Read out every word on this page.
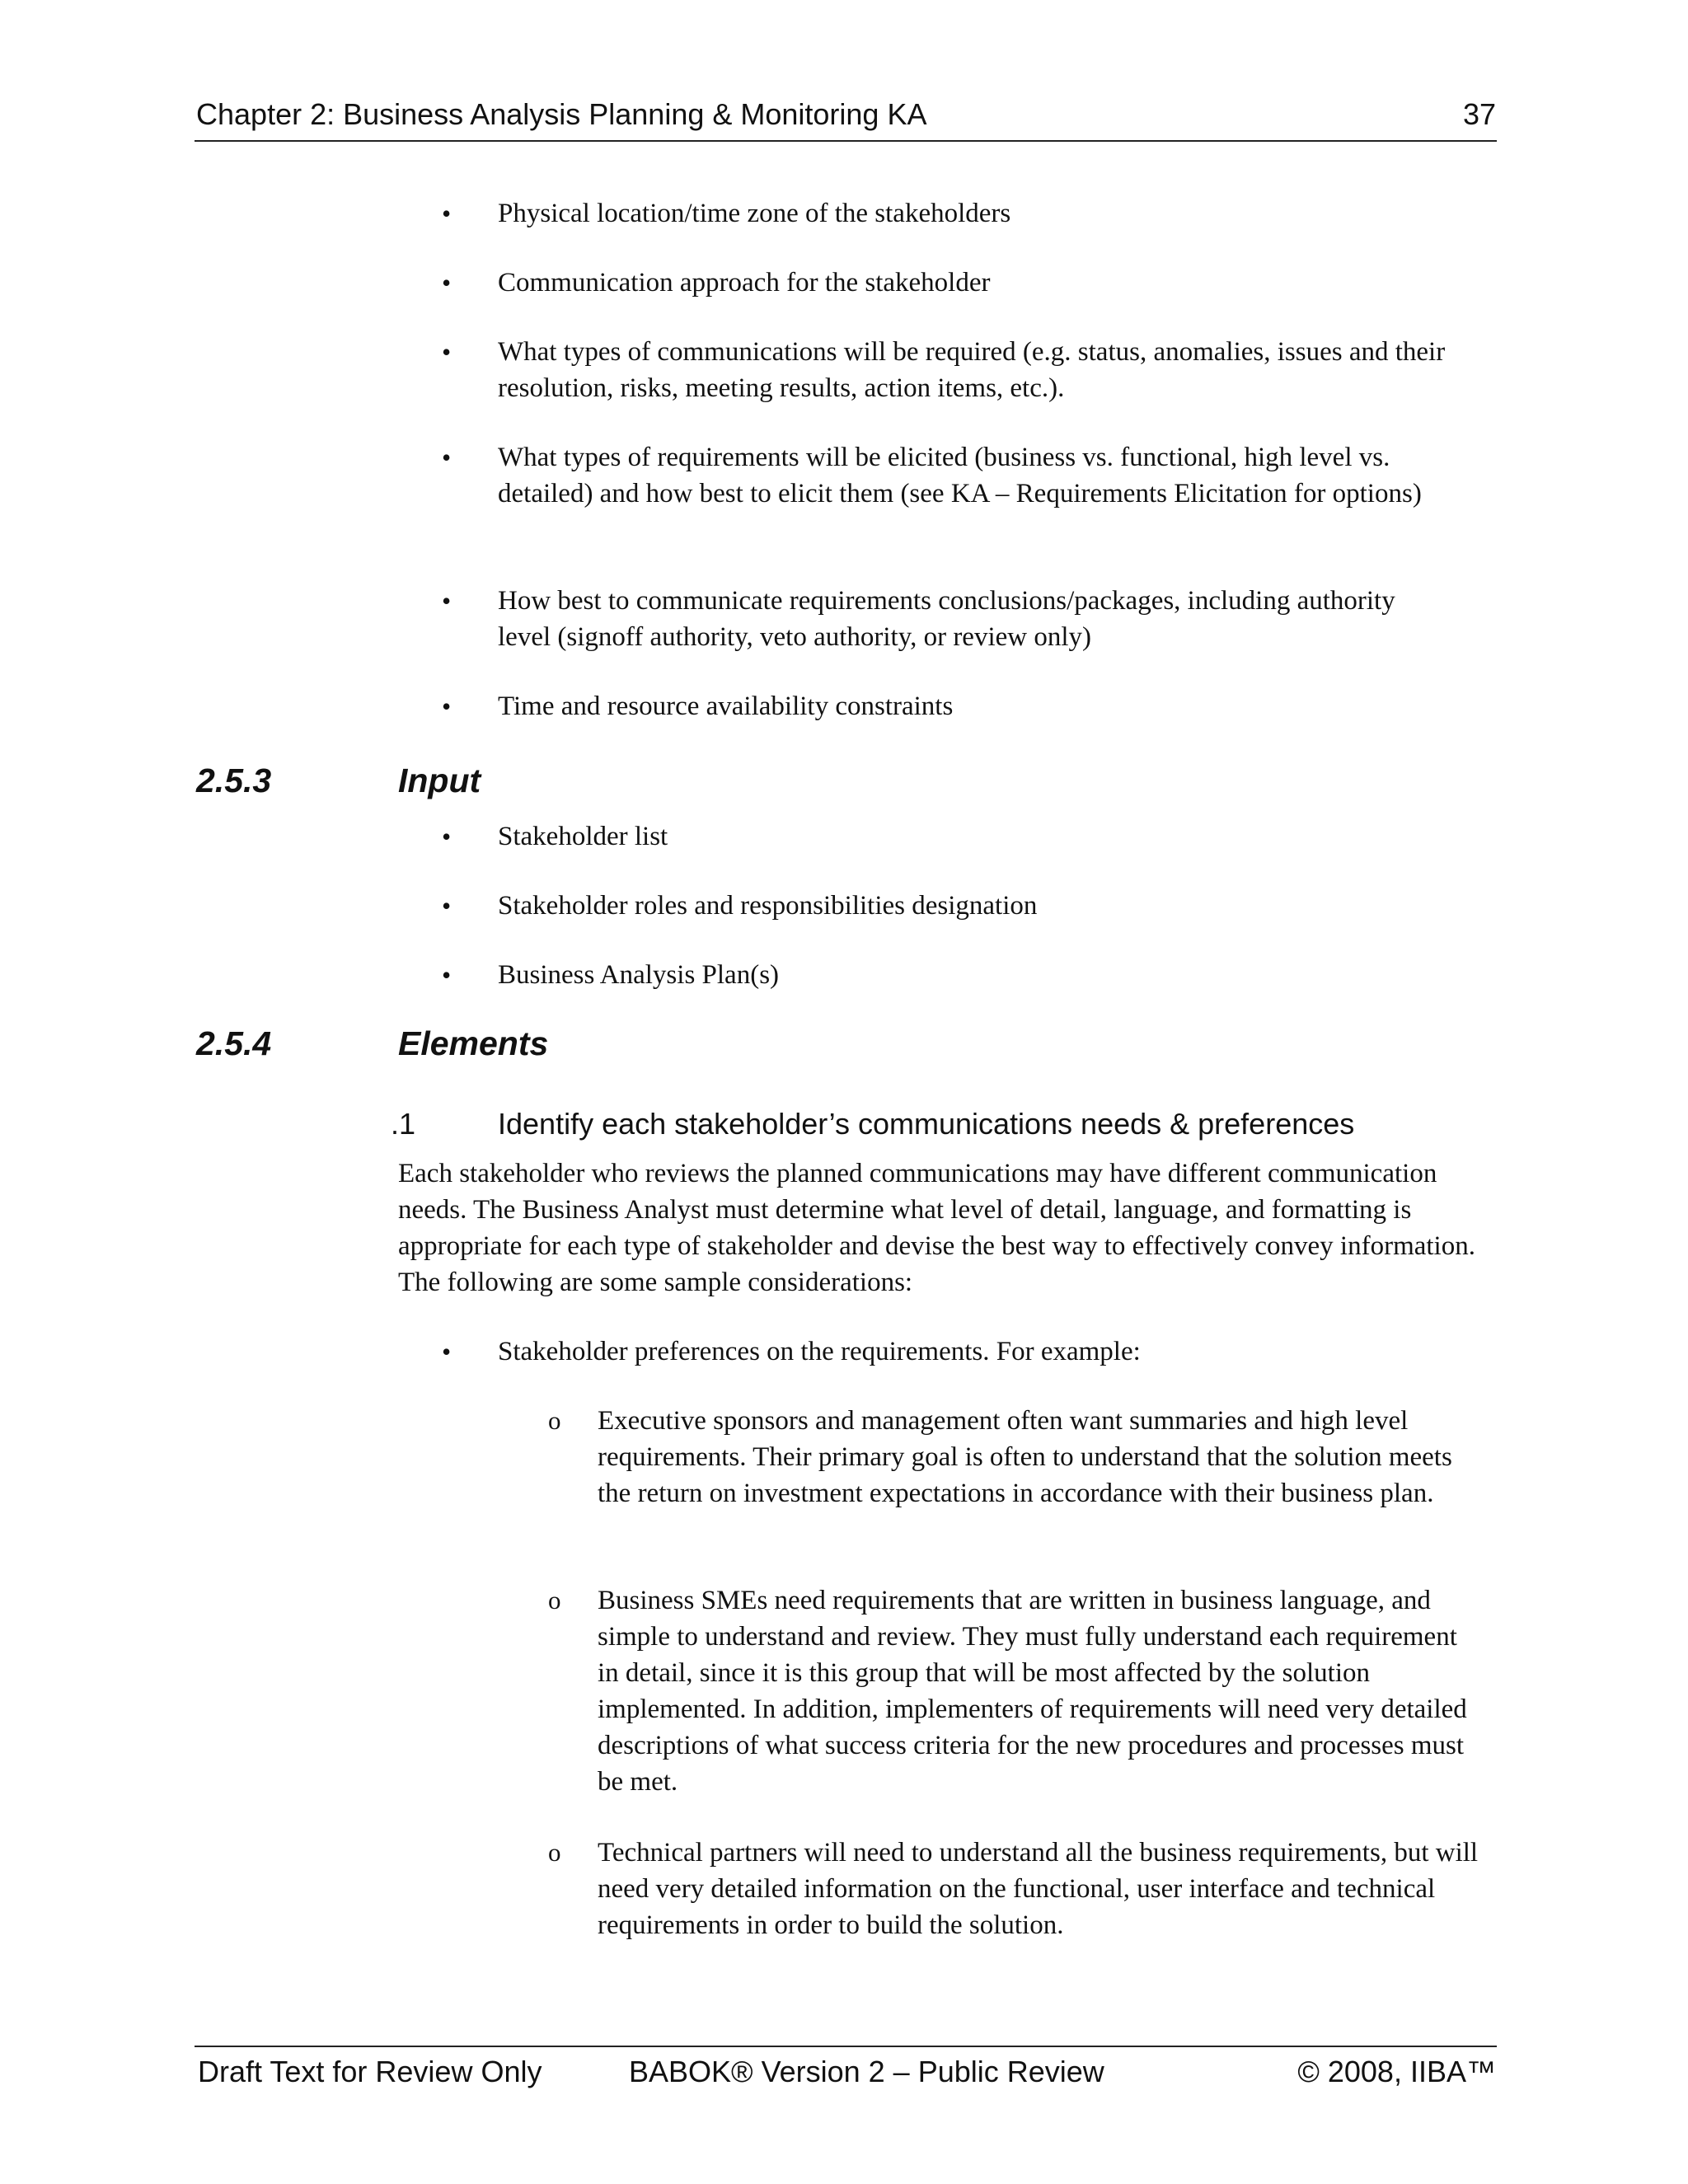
Chapter 2: Business Analysis Planning & Monitoring KA	37
• Physical location/time zone of the stakeholders
• Communication approach for the stakeholder
• What types of communications will be required (e.g. status, anomalies, issues and their resolution, risks, meeting results, action items, etc.).
• What types of requirements will be elicited (business vs. functional, high level vs. detailed) and how best to elicit them (see KA – Requirements Elicitation for options)
• How best to communicate requirements conclusions/packages, including authority level (signoff authority, veto authority, or review only)
• Time and resource availability constraints
2.5.3	Input
• Stakeholder list
• Stakeholder roles and responsibilities designation
• Business Analysis Plan(s)
2.5.4	Elements
.1	Identify each stakeholder’s communications needs & preferences
Each stakeholder who reviews the planned communications may have different communication needs. The Business Analyst must determine what level of detail, language, and formatting is appropriate for each type of stakeholder and devise the best way to effectively convey information. The following are some sample considerations:
• Stakeholder preferences on the requirements. For example:
o Executive sponsors and management often want summaries and high level requirements. Their primary goal is often to understand that the solution meets the return on investment expectations in accordance with their business plan.
o Business SMEs need requirements that are written in business language, and simple to understand and review. They must fully understand each requirement in detail, since it is this group that will be most affected by the solution implemented. In addition, implementers of requirements will need very detailed descriptions of what success criteria for the new procedures and processes must be met.
o Technical partners will need to understand all the business requirements, but will need very detailed information on the functional, user interface and technical requirements in order to build the solution.
Draft Text for Review Only	BABOK® Version 2 – Public Review	© 2008, IIBA™
